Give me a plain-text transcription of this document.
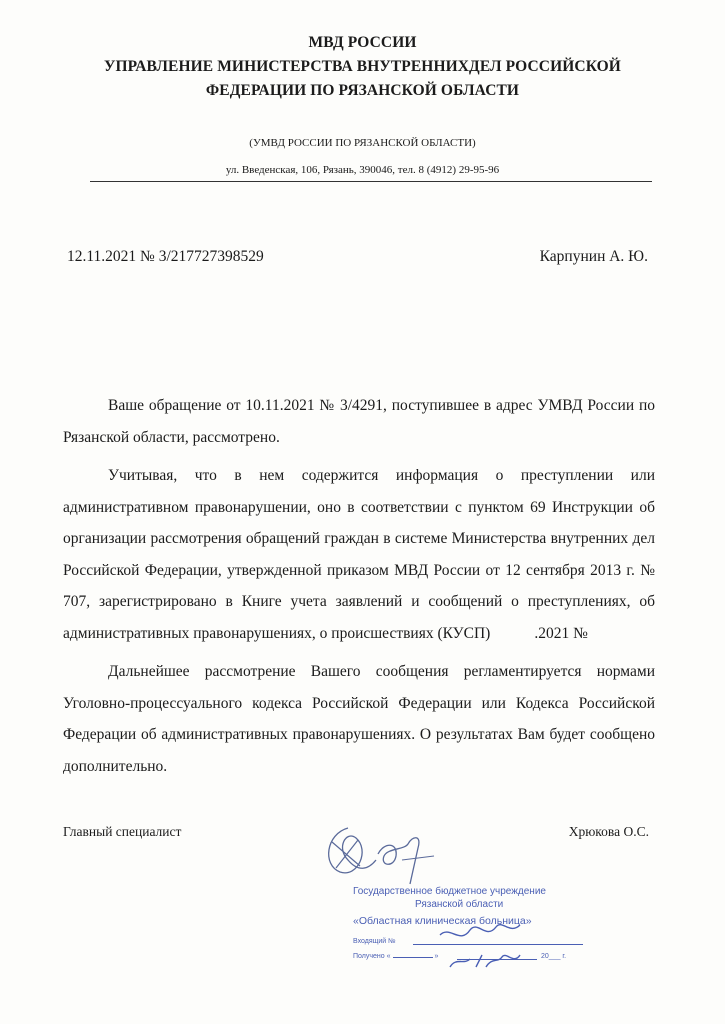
МВД РОССИИ
УПРАВЛЕНИЕ МИНИСТЕРСТВА ВНУТРЕННИХДЕЛ РОССИЙСКОЙ
ФЕДЕРАЦИИ ПО РЯЗАНСКОЙ ОБЛАСТИ
(УМВД РОССИИ ПО РЯЗАНСКОЙ ОБЛАСТИ)
ул. Введенская, 106, Рязань, 390046, тел. 8 (4912) 29-95-96
12.11.2021 № 3/217727398529	Карпунин А. Ю.

Ваше обращение от 10.11.2021 № 3/4291, поступившее в адрес УМВД России по Рязанской области, рассмотрено.

Учитывая, что в нем содержится информация о преступлении или административном правонарушении, оно в соответствии с пунктом 69 Инструкции об организации рассмотрения обращений граждан в системе Министерства внутренних дел Российской Федерации, утвержденной приказом МВД России от 12 сентября 2013 г. № 707, зарегистрировано в Книге учета заявлений и сообщений о преступлениях, об административных правонарушениях, о происшествиях (КУСП)	.2021 №

Дальнейшее рассмотрение Вашего сообщения регламентируется нормами Уголовно-процессуального кодекса Российской Федерации или Кодекса Российской Федерации об административных правонарушениях. О результатах Вам будет сообщено дополнительно.

Главный специалист	Хрюкова О.С.
Государственное бюджетное учреждение
Рязанской области
«Областная клиническая больница»
Входящий №
Получено «	»	20___ г.
